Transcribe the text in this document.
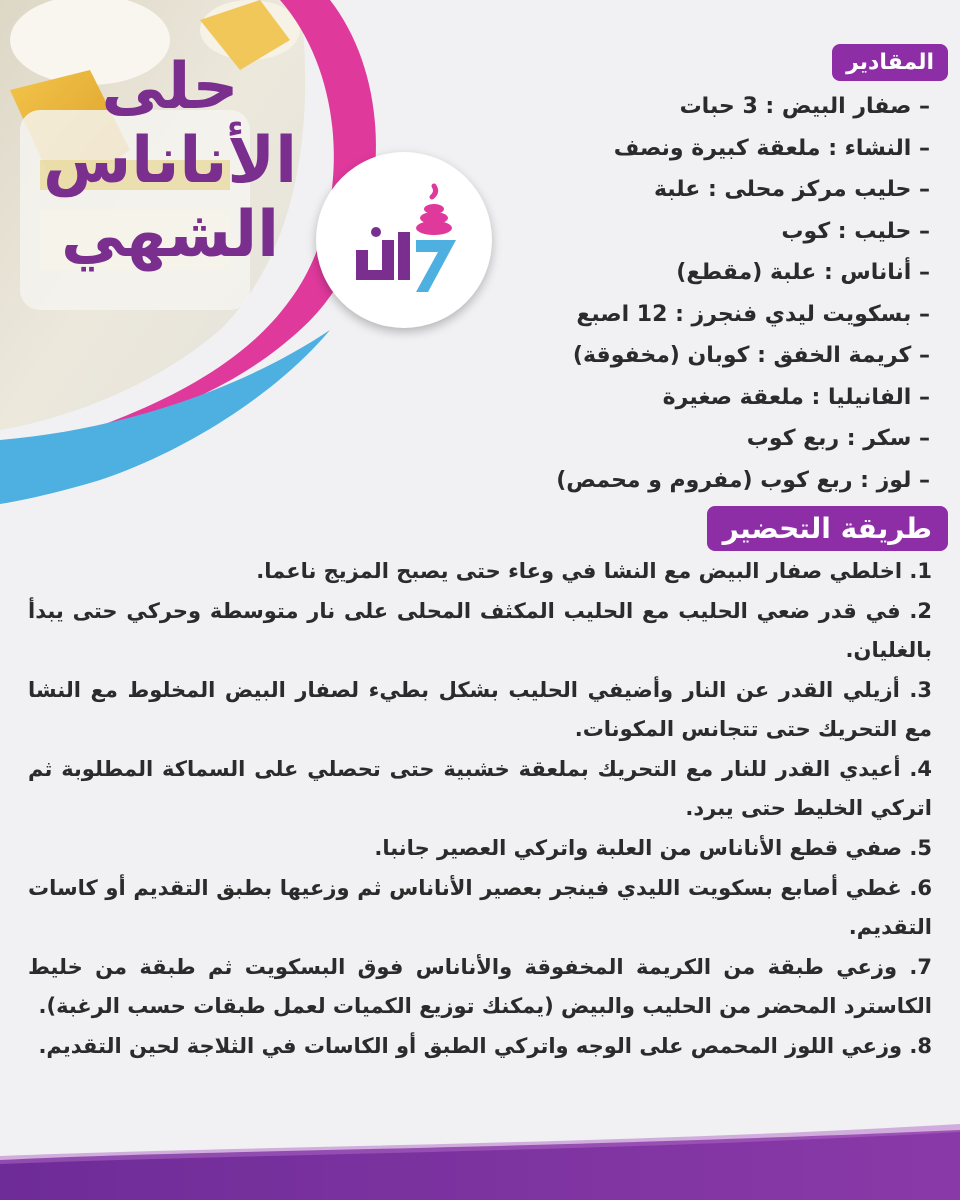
حلى
الأناناس
الشهي
المقادير
– صفار البيض : 3 حبات
– النشاء : ملعقة كبيرة ونصف
– حليب مركز محلى : علبة
– حليب : كوب
– أناناس : علبة (مقطع)
– بسكويت ليدي فنجرز : 12 اصبع
– كريمة الخفق : كوبان (مخفوقة)
– الفانيليا : ملعقة صغيرة
– سكر : ربع كوب
– لوز : ربع كوب (مفروم و محمص)
طريقة التحضير
1. اخلطي صفار البيض مع النشا في وعاء حتى يصبح المزيج ناعما.
2. في قدر ضعي الحليب مع الحليب المكثف المحلى على نار متوسطة وحركي حتى يبدأ بالغليان.
3. أزيلي القدر عن النار وأضيفي الحليب بشكل بطيء لصفار البيض المخلوط مع النشا مع التحريك حتى تتجانس المكونات.
4. أعيدي القدر للنار مع التحريك بملعقة خشبية حتى تحصلي على السماكة المطلوبة ثم اتركي الخليط حتى يبرد.
5. صفي قطع الأناناس من العلبة واتركي العصير جانبا.
6. غطي أصابع بسكويت الليدي فينجر بعصير الأناناس ثم وزعيها بطبق التقديم أو كاسات التقديم.
7. وزعي طبقة من الكريمة المخفوقة والأناناس فوق البسكويت ثم طبقة من خليط الكاسترد المحضر من الحليب والبيض (يمكنك توزيع الكميات لعمل طبقات حسب الرغبة).
8. وزعي اللوز المحمص على الوجه واتركي الطبق أو الكاسات في الثلاجة لحين التقديم.
